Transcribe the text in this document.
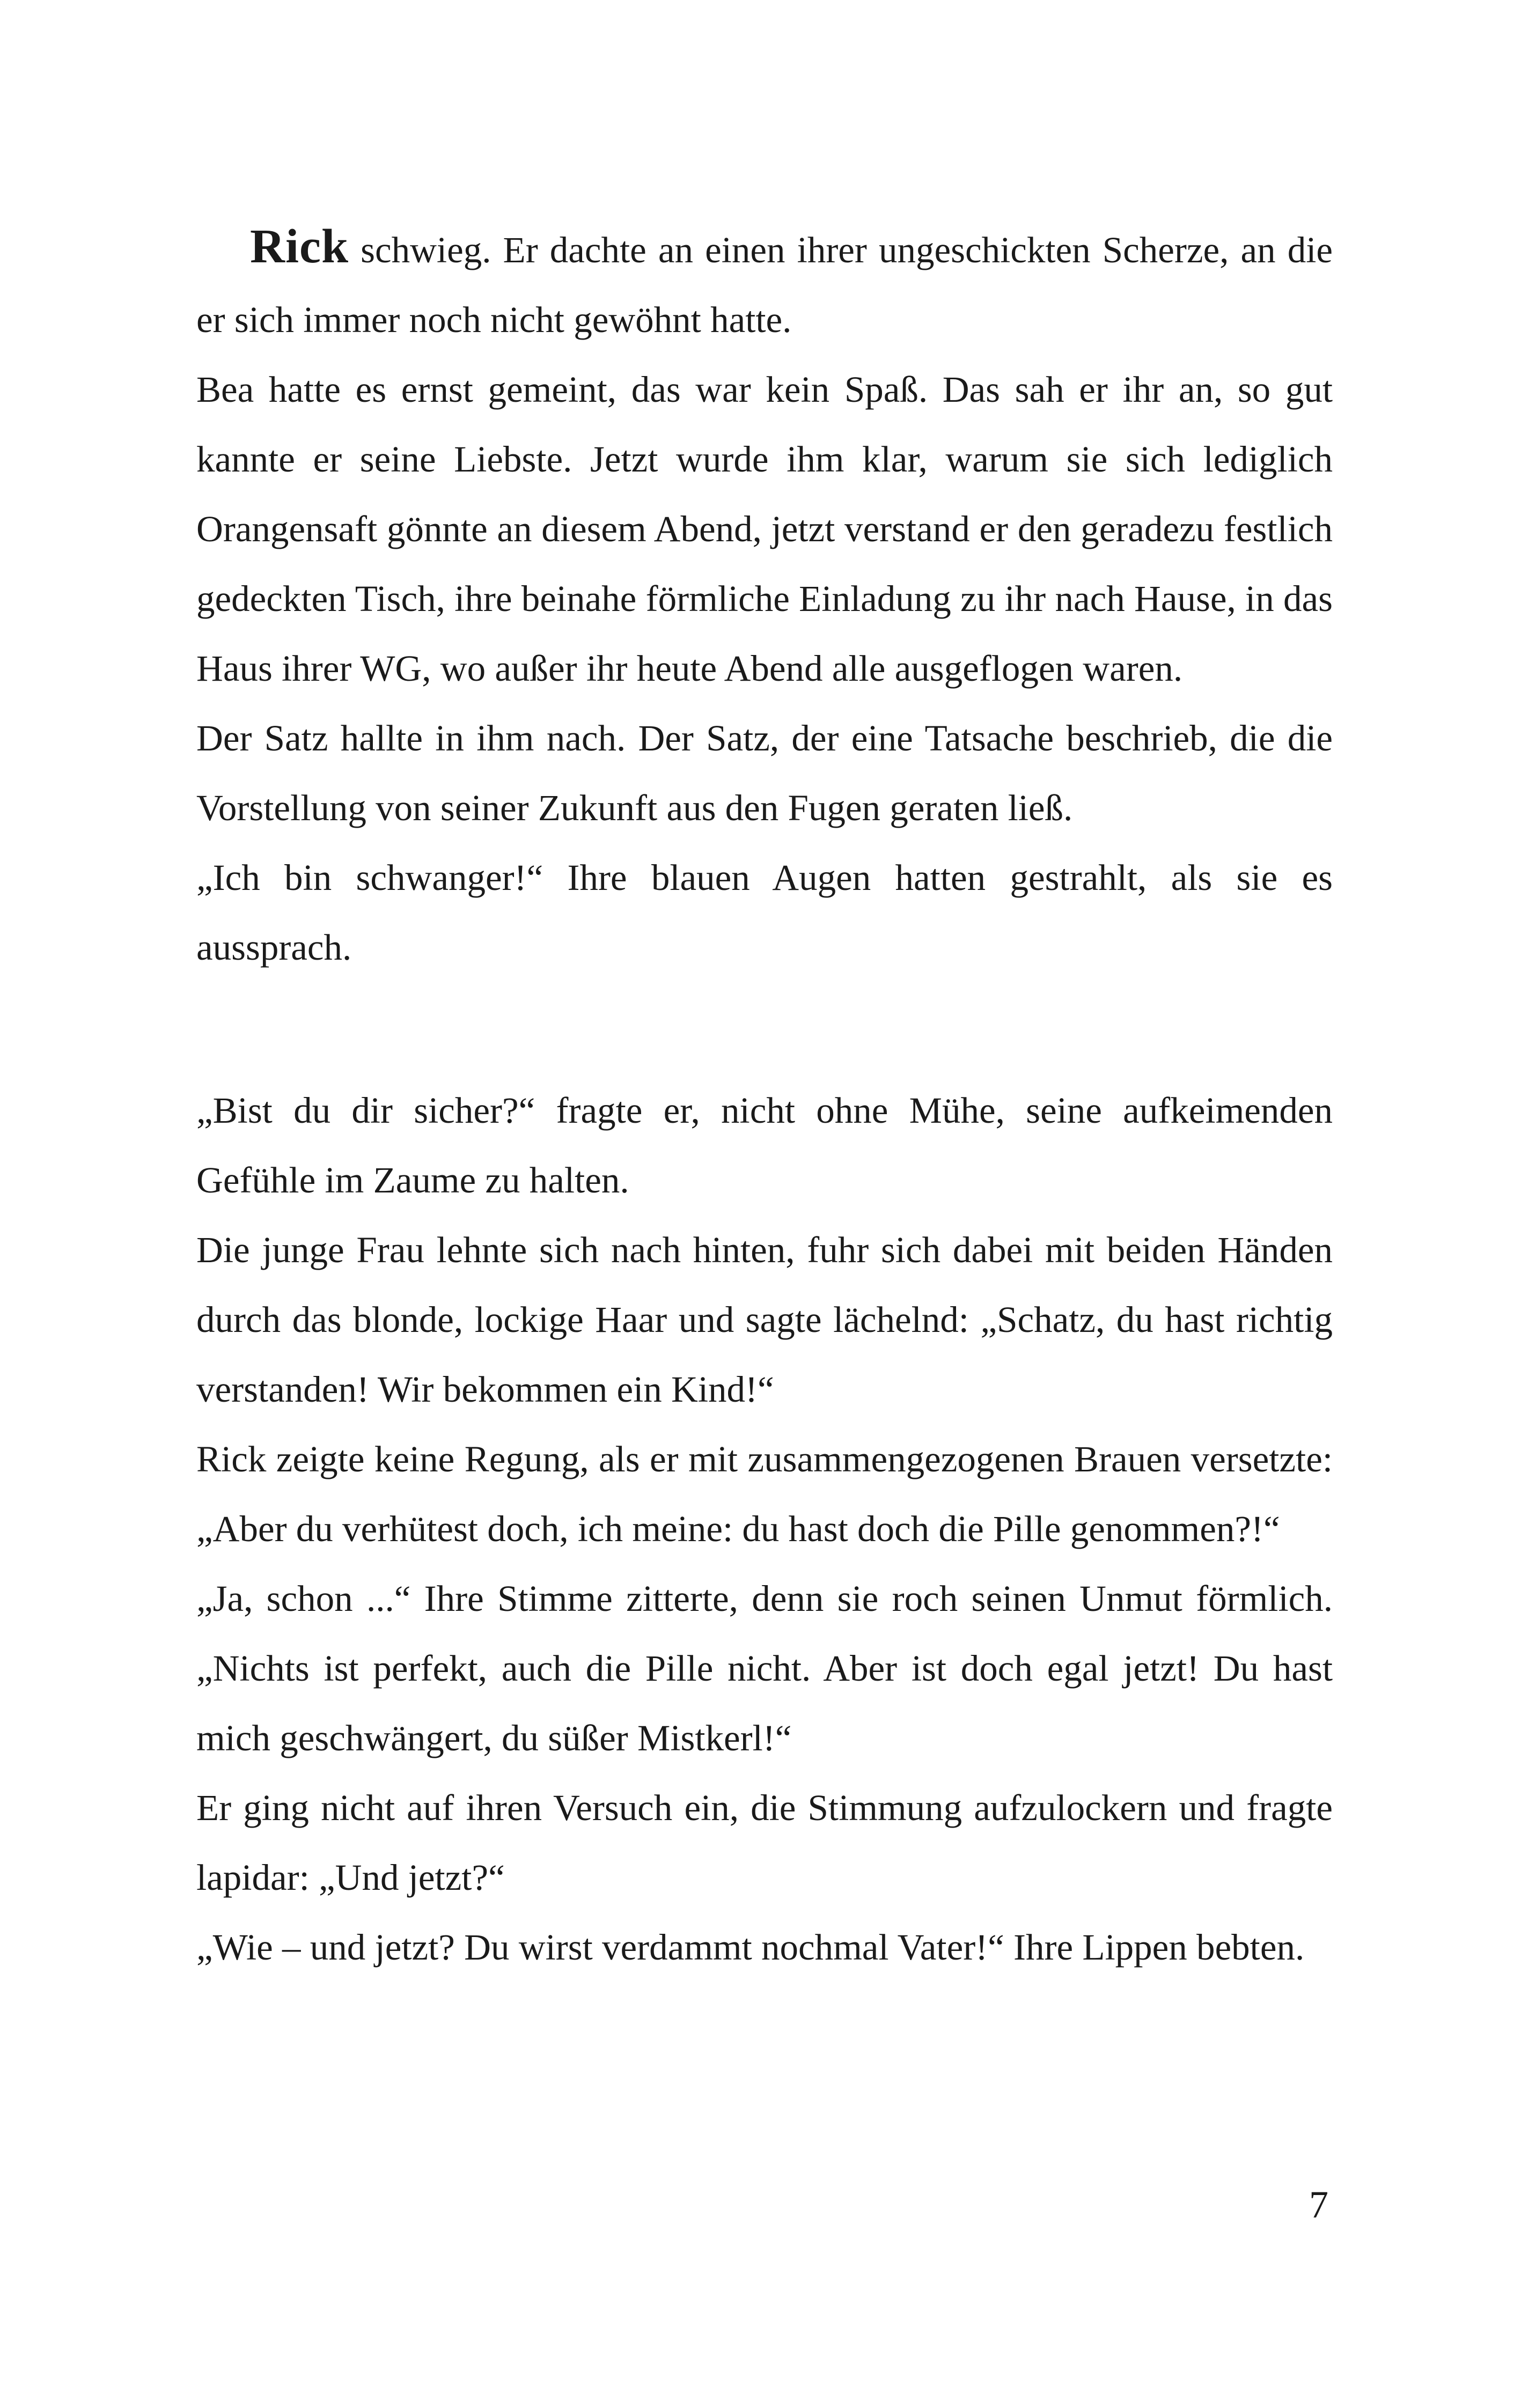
Rick schwieg. Er dachte an einen ihrer ungeschickten Scherze, an die er sich immer noch nicht gewöhnt hatte.

Bea hatte es ernst gemeint, das war kein Spaß. Das sah er ihr an, so gut kannte er seine Liebste. Jetzt wurde ihm klar, warum sie sich lediglich Orangensaft gönnte an diesem Abend, jetzt verstand er den geradezu festlich gedeckten Tisch, ihre beinahe förmliche Einladung zu ihr nach Hause, in das Haus ihrer WG, wo außer ihr heute Abend alle ausgeflogen waren.

Der Satz hallte in ihm nach. Der Satz, der eine Tatsache beschrieb, die die Vorstellung von seiner Zukunft aus den Fugen geraten ließ.

„Ich bin schwanger!“ Ihre blauen Augen hatten gestrahlt, als sie es aussprach.

„Bist du dir sicher?“ fragte er, nicht ohne Mühe, seine aufkeimenden Gefühle im Zaume zu halten.

Die junge Frau lehnte sich nach hinten, fuhr sich dabei mit beiden Händen durch das blonde, lockige Haar und sagte lächelnd: „Schatz, du hast richtig verstanden! Wir bekommen ein Kind!“

Rick zeigte keine Regung, als er mit zusammengezogenen Brauen versetzte: „Aber du verhütest doch, ich meine: du hast doch die Pille genommen?!“

„Ja, schon ...“ Ihre Stimme zitterte, denn sie roch seinen Unmut förmlich. „Nichts ist perfekt, auch die Pille nicht. Aber ist doch egal jetzt! Du hast mich geschwängert, du süßer Mistkerl!“

Er ging nicht auf ihren Versuch ein, die Stimmung aufzulockern und fragte lapidar: „Und jetzt?“

„Wie – und jetzt? Du wirst verdammt nochmal Vater!“ Ihre Lippen bebten.

7
